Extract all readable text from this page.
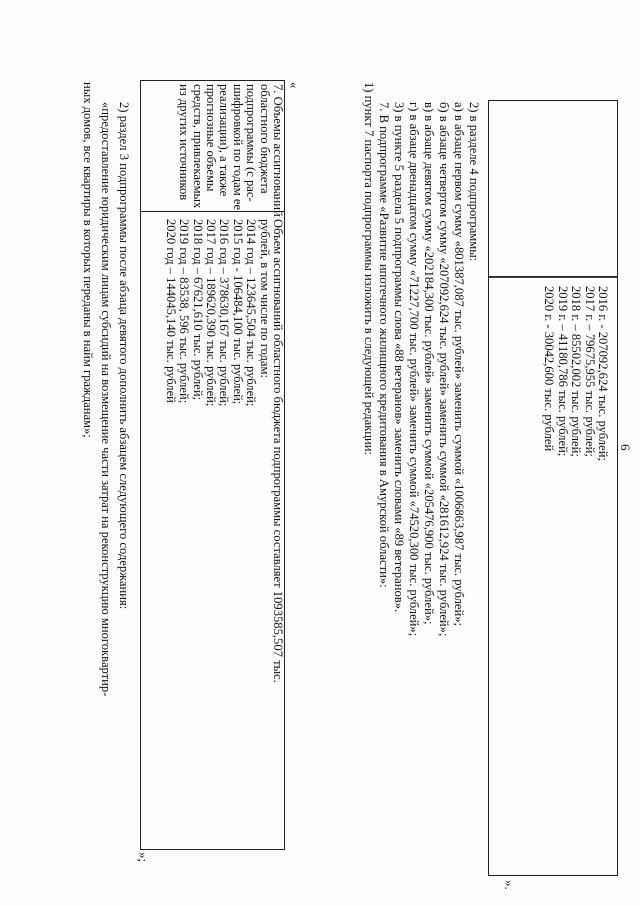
6
2016 г. - 207092,624 тыс. рублей;
2017 г. – 79675,955 тыс. рублей;
2018 г. – 85502,002 тыс. рублей;
2019 г. – 41180,786 тыс. рублей;
2020 г. - 30042,600 тыс. рублей
».
2) в разделе 4 подпрограммы:
а) в абзаце первом сумму «801387,087 тыс. рублей» заменить суммой «1006863,987 тыс. рублей»;
б) в абзаце четвертом сумму «207092,624 тыс. рублей» заменить суммой «281612,924 тыс. рублей»;
в) в абзаце девятом сумму «202184,300 тыс. рублей» заменить суммой «205476,900 тыс. рублей»;
г) в абзаце двенадцатом сумму «71227,700 тыс. рублей» заменить суммой «74520,300 тыс. рублей»;
3) в пункте 5 раздела 5 подпрограммы слова «88 ветеранов» заменить словами «89 ветеранов».
7. В подпрограмме «Развитие ипотечного жилищного кредитования в Амурской области»:
1) пункт 7 паспорта подпрограммы изложить в следующей редакции:
«
7. Объемы ассигнований
областного бюджета
подпрограммы (с рас-
шифровкой по годам ее
реализации), а также
прогнозные объемы
средств, привлекаемых
из других источников
Объем ассигнований областного бюджета подпрограммы составляет 1093585,507 тыс.
рублей, в том числе по годам:
2014 год – 123645,504 тыс. рублей;
2015 год - 106484,100 тыс. рублей;
2016 год – 378630,167 тыс. рублей;
2017 год – 189620,390 тыс. рублей;
2018 год – 67621,610 тыс. рублей;
2019 год – 83538, 596 тыс. рублей;
2020 год – 144045,140 тыс. рублей
»;
2) раздел 3 подпрограммы после абзаца девятого дополнить абзацем следующего содержания:
«предоставление юридическим лицам субсидий на возмещение части затрат на реконструкцию многоквартир-
ных домов, все квартиры в которых переданы в найм гражданам»;
